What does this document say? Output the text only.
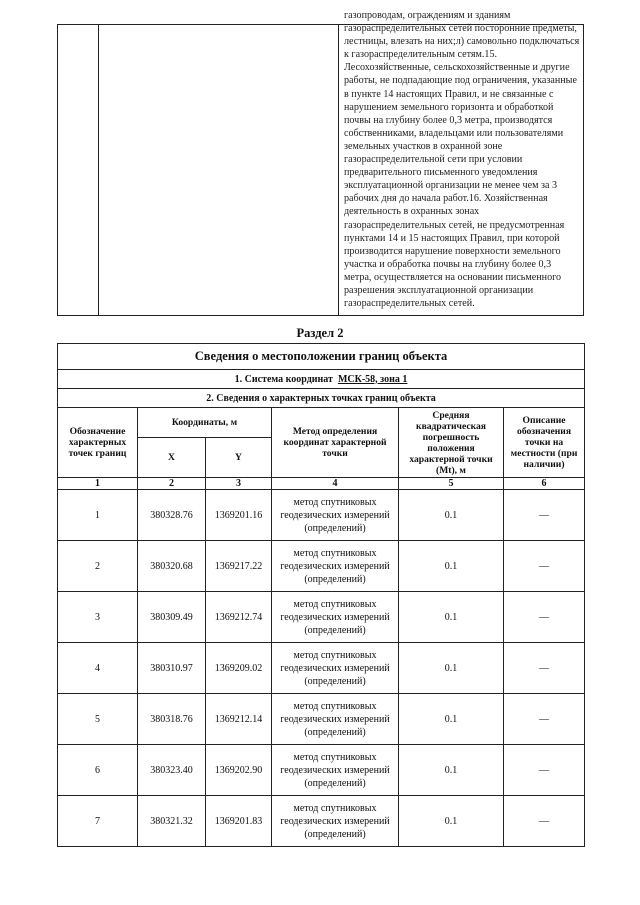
газопроводам, ограждениям и зданиям газораспределительных сетей посторонние предметы, лестницы, влезать на них;л) самовольно подключаться к газораспределительным сетям.15. Лесохозяйственные, сельскохозяйственные и другие работы, не подпадающие под ограничения, указанные в пункте 14 настоящих Правил, и не связанные с нарушением земельного горизонта и обработкой почвы на глубину более 0,3 метра, производятся собственниками, владельцами или пользователями земельных участков в охранной зоне газораспределительной сети при условии предварительного письменного уведомления эксплуатационной организации не менее чем за 3 рабочих дня до начала работ.16. Хозяйственная деятельность в охранных зонах газораспределительных сетей, не предусмотренная пунктами 14 и 15 настоящих Правил, при которой производится нарушение поверхности земельного участка и обработка почвы на глубину более 0,3 метра, осуществляется на основании письменного разрешения эксплуатационной организации газораспределительных сетей.
Раздел 2
Сведения о местоположении границ объекта					
1. Система координат МСК-58, зона 1					
2. Сведения о характерных точках границ объекта					
Обозначение характерных точек границ	Координаты, м		Метод определения координат характерной точки	Средняя квадратическая погрешность положения характерной точки (Mt), м	Описание обозначения точки на местности (при наличии)
	X	Y			
1	2	3	4	5	6
1	380328.76	1369201.16	метод спутниковых геодезических измерений (определений)	0.1	—
2	380320.68	1369217.22	метод спутниковых геодезических измерений (определений)	0.1	—
3	380309.49	1369212.74	метод спутниковых геодезических измерений (определений)	0.1	—
4	380310.97	1369209.02	метод спутниковых геодезических измерений (определений)	0.1	—
5	380318.76	1369212.14	метод спутниковых геодезических измерений (определений)	0.1	—
6	380323.40	1369202.90	метод спутниковых геодезических измерений (определений)	0.1	—
7	380321.32	1369201.83	метод спутниковых геодезических измерений (определений)	0.1	—
